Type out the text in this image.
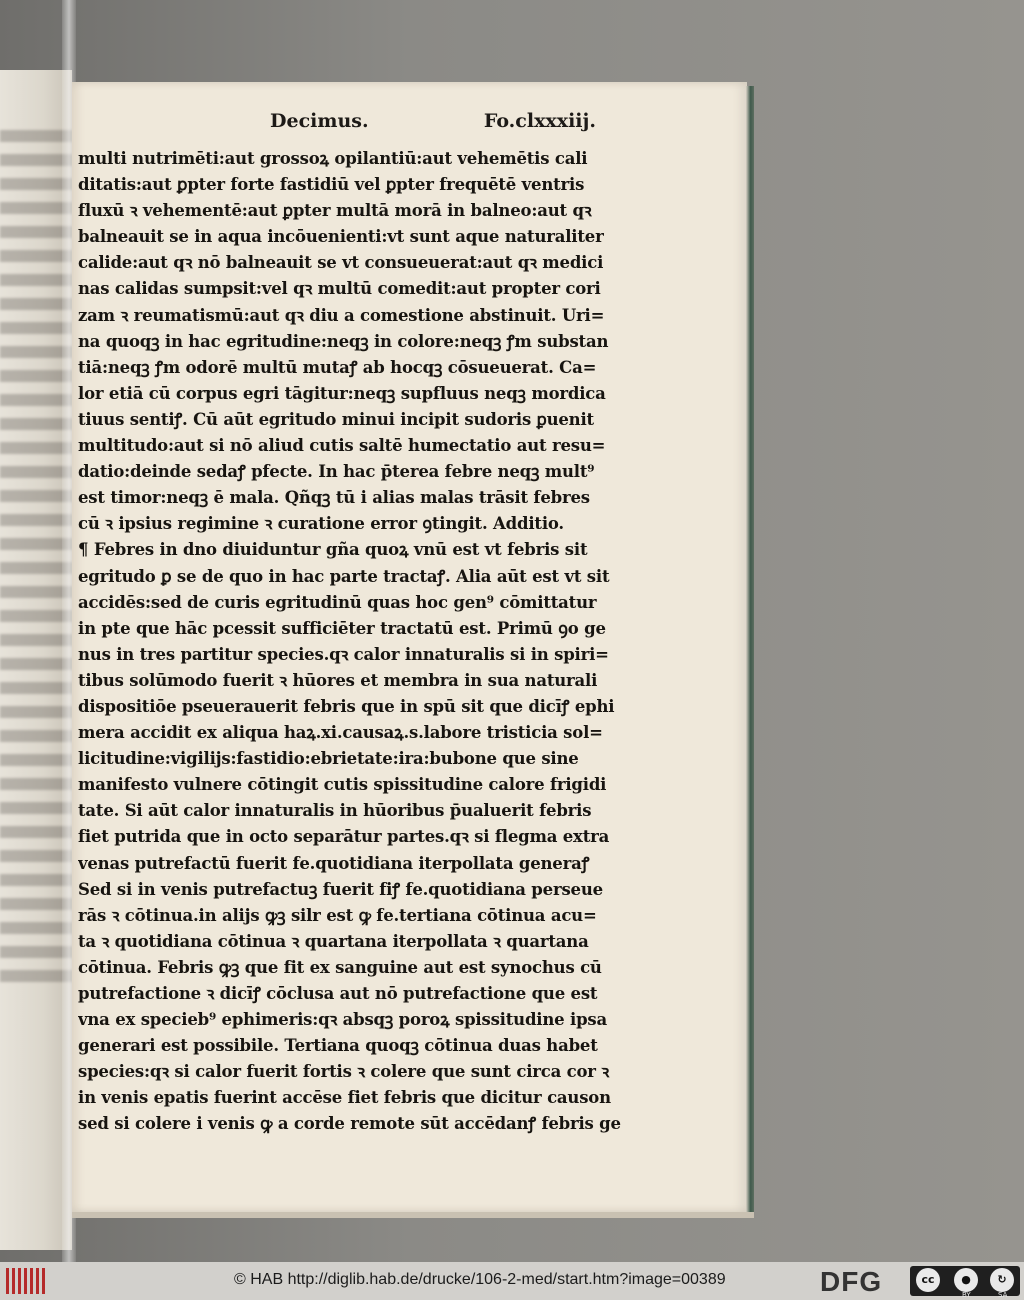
Decimus.	Fo.clxxxiij.
multi nutrimēti:aut grossoꝝ opilantiū:aut vehemētis cali
ditatis:aut ꝑpter forte fastidiū vel ꝑpter frequētē ventris
fluxū ꝛ vehementē:aut ꝑpter multā morā in balneo:aut qꝛ
balneauit se in aqua incōuenienti:vt sunt aque naturaliter
calide:aut qꝛ nō balneauit se vt consueuerat:aut qꝛ medici
nas calidas sumpsit:vel qꝛ multū comedit:aut propter cori
zam ꝛ reumatismū:aut qꝛ diu a comestione abstinuit. Uri=
na quoqꝫ in hac egritudine:neqꝫ in colore:neqꝫ ꝭm substan
tiā:neqꝫ ꝭm odorē multū mutaꝭ ab hocqꝫ cōsueuerat. Ca=
lor etiā cū corpus egri tāgitur:neqꝫ supfluus neqꝫ mordica
tiuus sentiꝭ. Cū aūt egritudo minui incipit sudoris ꝑuenit
multitudo:aut si nō aliud cutis saltē humectatio aut resu=
datio:deinde sedaꝭ pfecte. In hac p̄terea febre neqꝫ mult⁹
est timor:neqꝫ ē mala. Qñqꝫ tū i alias malas trāsit febres
cū ꝛ ipsius regimine ꝛ curatione error ꝯtingit. Additio.
¶ Febres in dno diuiduntur gña quoꝝ vnū est vt febris sit
egritudo ꝑ se de quo in hac parte tractaꝭ. Alia aūt est vt sit
accidēs:sed de curis egritudinū quas hoc gen⁹ cōmittatur
in pte que hāc pcessit sufficiēter tractatū est. Primū ꝯo ge
nus in tres partitur species.qꝛ calor innaturalis si in spiri=
tibus solūmodo fuerit ꝛ hūores et membra in sua naturali
dispositiōe pseuerauerit febris que in spū sit que dicīꝭ ephi
mera accidit ex aliqua haꝝ.xi.causaꝝ.s.labore tristicia sol=
licitudine:vigilijs:fastidio:ebrietate:ira:bubone que sine
manifesto vulnere cōtingit cutis spissitudine calore frigidi
tate. Si aūt calor innaturalis in hūoribus p̄ualuerit febris
fiet putrida que in octo separātur partes.qꝛ si flegma extra
venas putrefactū fuerit fe.quotidiana iterpollata generaꝭ
Sed si in venis putrefactuꝫ fuerit fiꝭ fe.quotidiana perseue
rās ꝛ cōtinua.in alijs ꝙꝫ silr est ꝙ fe.tertiana cōtinua acu=
ta ꝛ quotidiana cōtinua ꝛ quartana iterpollata ꝛ quartana
cōtinua. Febris ꝙꝫ que fit ex sanguine aut est synochus cū
putrefactione ꝛ dicīꝭ cōclusa aut nō putrefactione que est
vna ex specieb⁹ ephimeris:qꝛ absqꝫ poroꝝ spissitudine ipsa
generari est possibile. Tertiana quoqꝫ cōtinua duas habet
species:qꝛ si calor fuerit fortis ꝛ colere que sunt circa cor ꝛ
in venis epatis fuerint accēse fiet febris que dicitur causon
sed si colere i venis ꝙ a corde remote sūt accēdanꝭ febris ge
© HAB http://diglib.hab.de/drucke/106-2-med/start.htm?image=00389	DFG	cc	●	↻
BY	SA
